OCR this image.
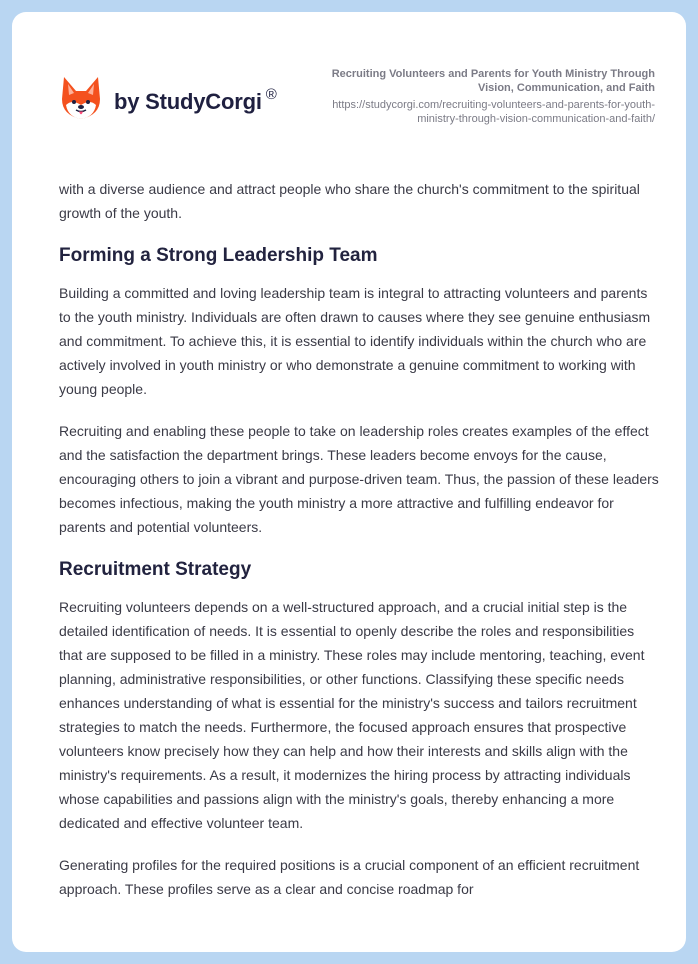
by StudyCorgi ®
Recruiting Volunteers and Parents for Youth Ministry Through Vision, Communication, and Faith
https://studycorgi.com/recruiting-volunteers-and-parents-for-youth-ministry-through-vision-communication-and-faith/

with a diverse audience and attract people who share the church's commitment to the spiritual growth of the youth.

Forming a Strong Leadership Team

Building a committed and loving leadership team is integral to attracting volunteers and parents to the youth ministry. Individuals are often drawn to causes where they see genuine enthusiasm and commitment. To achieve this, it is essential to identify individuals within the church who are actively involved in youth ministry or who demonstrate a genuine commitment to working with young people.

Recruiting and enabling these people to take on leadership roles creates examples of the effect and the satisfaction the department brings. These leaders become envoys for the cause, encouraging others to join a vibrant and purpose-driven team. Thus, the passion of these leaders becomes infectious, making the youth ministry a more attractive and fulfilling endeavor for parents and potential volunteers.

Recruitment Strategy

Recruiting volunteers depends on a well-structured approach, and a crucial initial step is the detailed identification of needs. It is essential to openly describe the roles and responsibilities that are supposed to be filled in a ministry. These roles may include mentoring, teaching, event planning, administrative responsibilities, or other functions. Classifying these specific needs enhances understanding of what is essential for the ministry's success and tailors recruitment strategies to match the needs. Furthermore, the focused approach ensures that prospective volunteers know precisely how they can help and how their interests and skills align with the ministry's requirements. As a result, it modernizes the hiring process by attracting individuals whose capabilities and passions align with the ministry's goals, thereby enhancing a more dedicated and effective volunteer team.

Generating profiles for the required positions is a crucial component of an efficient recruitment approach. These profiles serve as a clear and concise roadmap for
